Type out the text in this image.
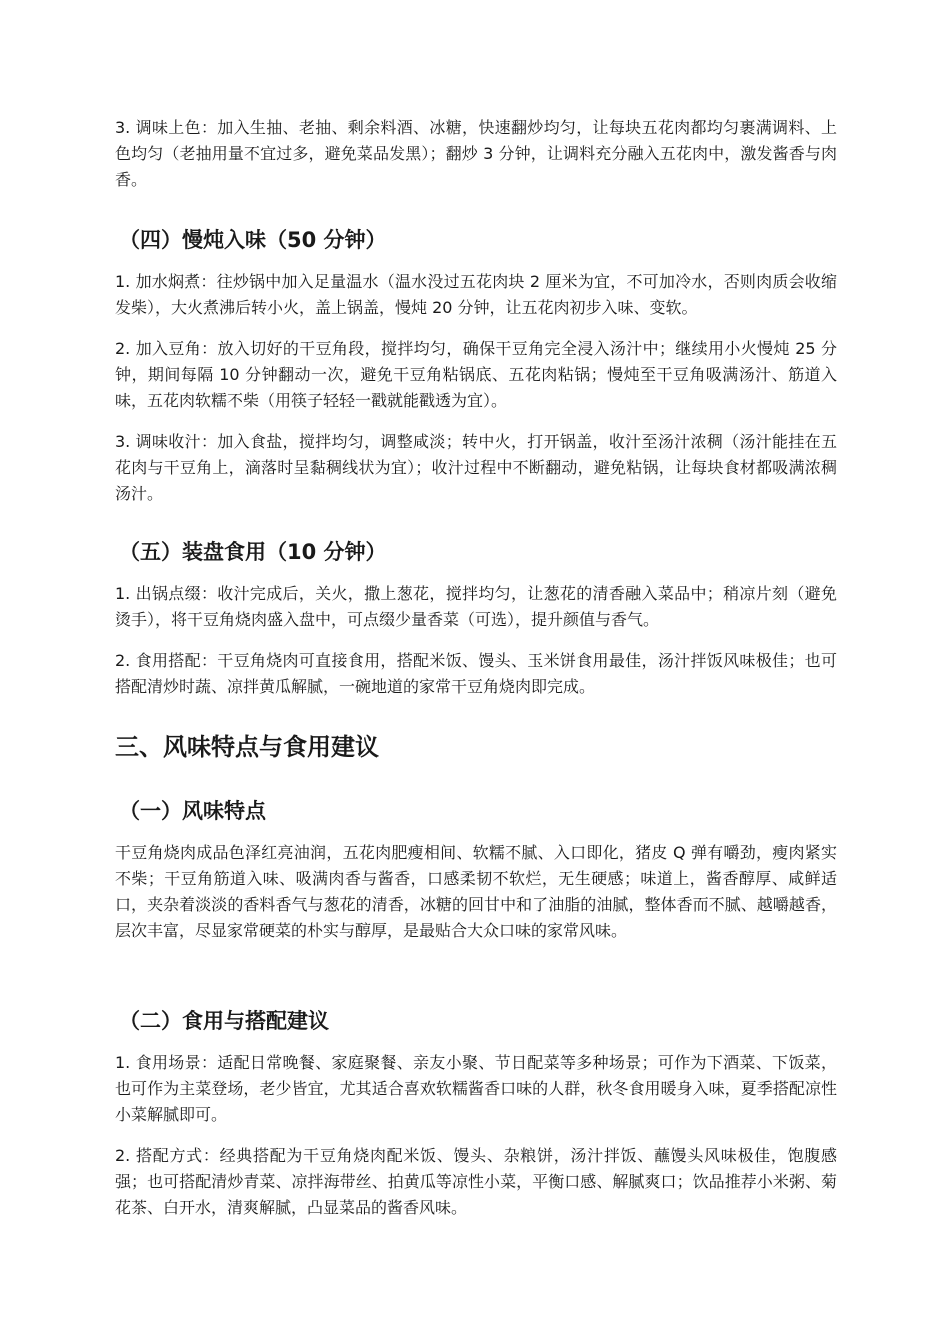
3. 调味上色：加入生抽、老抽、剩余料酒、冰糖，快速翻炒均匀，让每块五花肉都均匀裹满调料、上色均匀（老抽用量不宜过多，避免菜品发黑）；翻炒 3 分钟，让调料充分融入五花肉中，激发酱香与肉香。

（四）慢炖入味（50 分钟）

1. 加水焖煮：往炒锅中加入足量温水（温水没过五花肉块 2 厘米为宜，不可加冷水，否则肉质会收缩发柴），大火煮沸后转小火，盖上锅盖，慢炖 20 分钟，让五花肉初步入味、变软。

2. 加入豆角：放入切好的干豆角段，搅拌均匀，确保干豆角完全浸入汤汁中；继续用小火慢炖 25 分钟，期间每隔 10 分钟翻动一次，避免干豆角粘锅底、五花肉粘锅；慢炖至干豆角吸满汤汁、筋道入味，五花肉软糯不柴（用筷子轻轻一戳就能戳透为宜）。

3. 调味收汁：加入食盐，搅拌均匀，调整咸淡；转中火，打开锅盖，收汁至汤汁浓稠（汤汁能挂在五花肉与干豆角上，滴落时呈黏稠线状为宜）；收汁过程中不断翻动，避免粘锅，让每块食材都吸满浓稠汤汁。

（五）装盘食用（10 分钟）

1. 出锅点缀：收汁完成后，关火，撒上葱花，搅拌均匀，让葱花的清香融入菜品中；稍凉片刻（避免烫手），将干豆角烧肉盛入盘中，可点缀少量香菜（可选），提升颜值与香气。

2. 食用搭配：干豆角烧肉可直接食用，搭配米饭、馒头、玉米饼食用最佳，汤汁拌饭风味极佳；也可搭配清炒时蔬、凉拌黄瓜解腻，一碗地道的家常干豆角烧肉即完成。

三、风味特点与食用建议
（一）风味特点

干豆角烧肉成品色泽红亮油润，五花肉肥瘦相间、软糯不腻、入口即化，猪皮 Q 弹有嚼劲，瘦肉紧实不柴；干豆角筋道入味、吸满肉香与酱香，口感柔韧不软烂，无生硬感；味道上，酱香醇厚、咸鲜适口，夹杂着淡淡的香料香气与葱花的清香，冰糖的回甘中和了油脂的油腻，整体香而不腻、越嚼越香，层次丰富，尽显家常硬菜的朴实与醇厚，是最贴合大众口味的家常风味。

（二）食用与搭配建议

1. 食用场景：适配日常晚餐、家庭聚餐、亲友小聚、节日配菜等多种场景；可作为下酒菜、下饭菜，也可作为主菜登场，老少皆宜，尤其适合喜欢软糯酱香口味的人群，秋冬食用暖身入味，夏季搭配凉性小菜解腻即可。

2. 搭配方式：经典搭配为干豆角烧肉配米饭、馒头、杂粮饼，汤汁拌饭、蘸馒头风味极佳，饱腹感强；也可搭配清炒青菜、凉拌海带丝、拍黄瓜等凉性小菜，平衡口感、解腻爽口；饮品推荐小米粥、菊花茶、白开水，清爽解腻，凸显菜品的酱香风味。
